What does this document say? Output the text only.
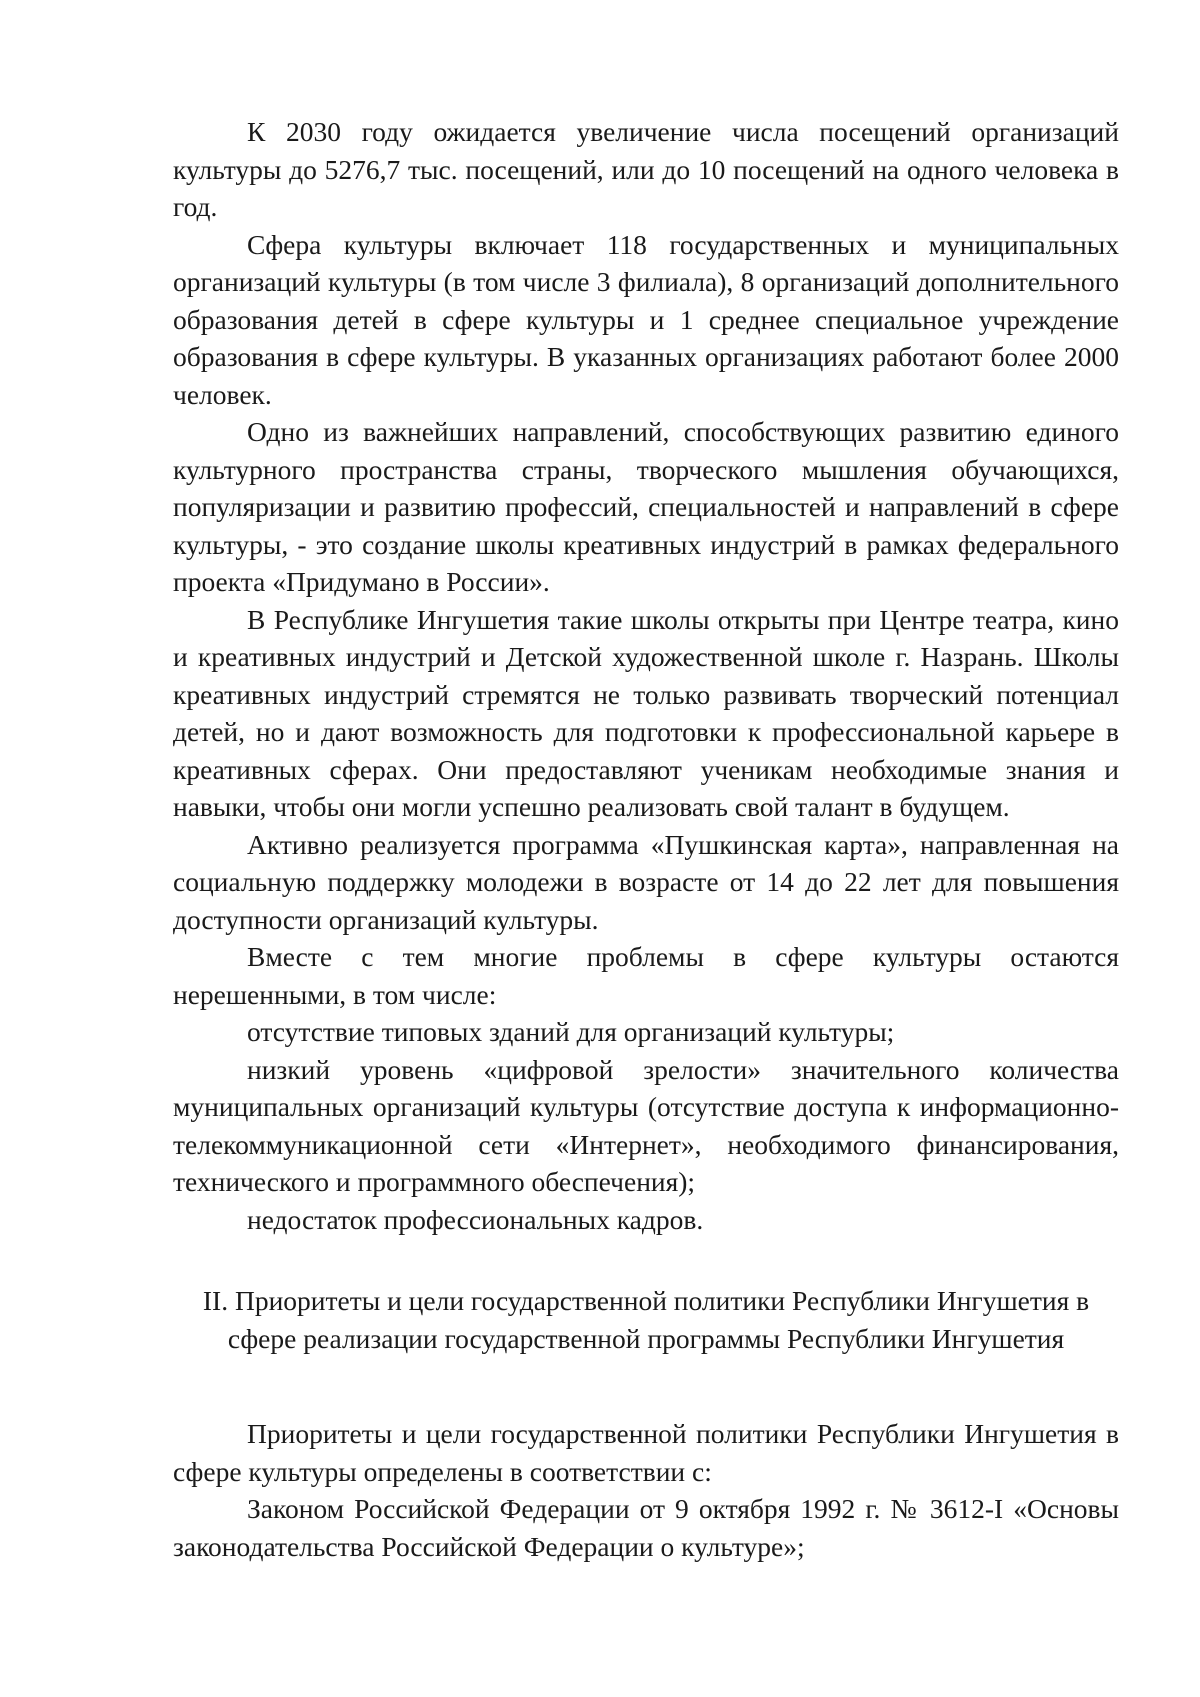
К 2030 году ожидается увеличение числа посещений организаций культуры до 5276,7 тыс. посещений, или до 10 посещений на одного человека в год.

Сфера культуры включает 118 государственных и муниципальных организаций культуры (в том числе 3 филиала), 8 организаций дополнительного образования детей в сфере культуры и 1 среднее специальное учреждение образования в сфере культуры. В указанных организациях работают более 2000 человек.

Одно из важнейших направлений, способствующих развитию единого культурного пространства страны, творческого мышления обучающихся, популяризации и развитию профессий, специальностей и направлений в сфере культуры, - это создание школы креативных индустрий в рамках федерального проекта «Придумано в России».

В Республике Ингушетия такие школы открыты при Центре театра, кино и креативных индустрий и Детской художественной школе г. Назрань. Школы креативных индустрий стремятся не только развивать творческий потенциал детей, но и дают возможность для подготовки к профессиональной карьере в креативных сферах. Они предоставляют ученикам необходимые знания и навыки, чтобы они могли успешно реализовать свой талант в будущем.

Активно реализуется программа «Пушкинская карта», направленная на социальную поддержку молодежи в возрасте от 14 до 22 лет для повышения доступности организаций культуры.

Вместе с тем многие проблемы в сфере культуры остаются нерешенными, в том числе:

отсутствие типовых зданий для организаций культуры;

низкий уровень «цифровой зрелости» значительного количества муниципальных организаций культуры (отсутствие доступа к информационно-телекоммуникационной сети «Интернет», необходимого финансирования, технического и программного обеспечения);

недостаток профессиональных кадров.

II. Приоритеты и цели государственной политики Республики Ингушетия в сфере реализации государственной программы Республики Ингушетия

Приоритеты и цели государственной политики Республики Ингушетия в сфере культуры определены в соответствии с:

Законом Российской Федерации от 9 октября 1992 г. № 3612-I «Основы законодательства Российской Федерации о культуре»;
